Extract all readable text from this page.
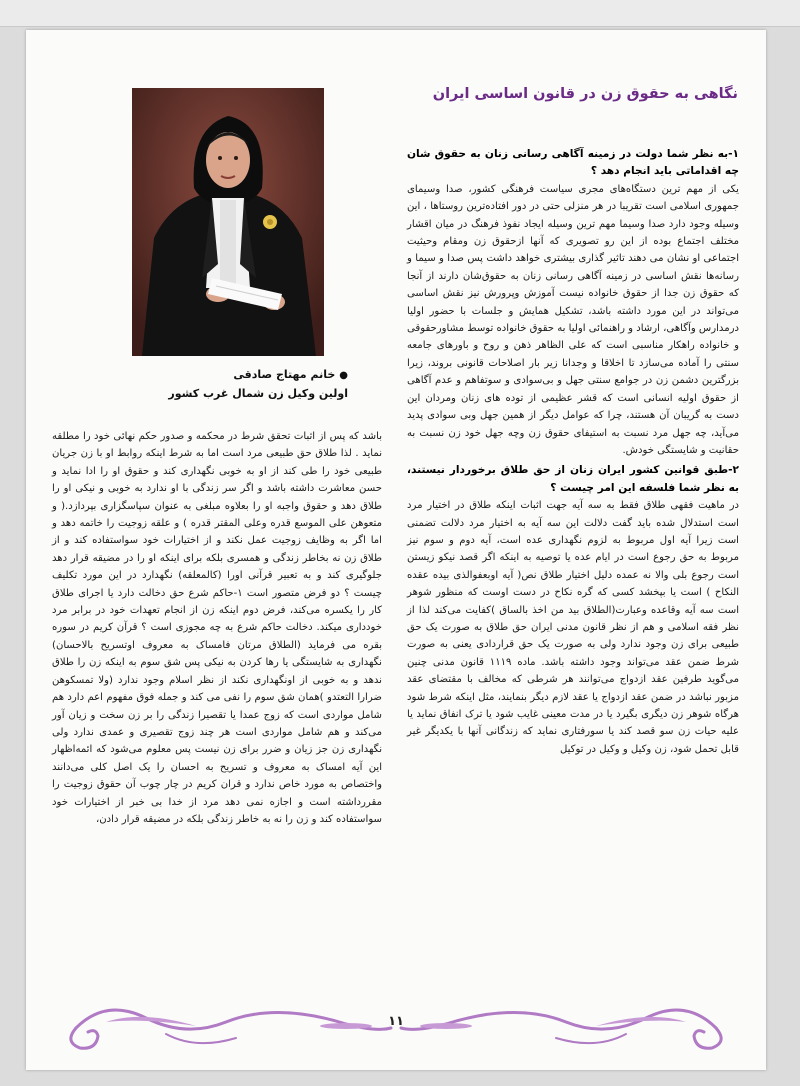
●خانم مهتاج صادقی
اولین وکیل زن شمال غرب کشور
نگاهی به حقوق زن در قانون اساسی ایران

۱-به نظر شما دولت در زمینه آگاهی رسانی زنان به حقوق شان چه اقداماتی باید انجام دهد ؟

یکی از مهم ترین دستگاه‌های مجری سیاست فرهنگی کشور، صدا وسیمای جمهوری اسلامی است تقریبا در هر منزلی حتی در دور افتاده‌ترین روستاها ، این وسیله وجود دارد صدا وسیما مهم ترین وسیله ایجاد نفوذ فرهنگ در میان اقشار مختلف اجتماع بوده از این رو تصویری که آنها ازحقوق زن ومقام وحیثیت اجتماعی او نشان می دهند تاثیر گذاری بیشتری خواهد داشت پس صدا و سیما و رسانه‌ها نقش اساسی در زمینه آگاهی رسانی زنان به حقوق‌شان دارند از آنجا که حقوق زن جدا از حقوق خانواده نیست آموزش وپرورش نیز نقش اساسی می‌تواند در این مورد داشته باشد، تشکیل همایش و جلسات با حضور اولیا درمدارس وآگاهی، ارشاد و راهنمائی اولیا به حقوق خانواده توسط مشاورحقوقی و خانواده راهکار مناسبی است که علی الظاهر ذهن و روح و باورهای جامعه سنتی را آماده می‌سازد تا اخلاقا و وجدانا زیر بار اصلاحات قانونی بروند، زیرا بزرگترین دشمن زن در جوامع سنتی جهل و بی‌سوادی و سوتفاهم و عدم آگاهی از حقوق اولیه انسانی است که قشر عظیمی از توده های زنان ومردان این دست به گریبان آن هستند، چرا که عوامل دیگر از همین جهل وبی سوادی پدید می‌آید، چه جهل مرد نسبت به استیفای حقوق زن وچه جهل خود زن نسبت به حقانیت و شایستگی خودش.

۲-طبق قوانین کشور ایران زنان از حق طلاق برخوردار نیستند، به نظر شما فلسفه این امر چیست ؟

در ماهیت فقهی طلاق فقط به سه آیه جهت اثبات اینکه طلاق در اختیار مرد است استدلال شده باید گفت دلالت این سه آیه به اختیار مرد دلالت تضمنی است زیرا آیه اول مربوط به لزوم نگهداری عده است، آیه دوم و سوم نیز مربوط به حق رجوع است در ایام عده یا توصیه به اینکه اگر قصد نیکو زیستن است رجوع بلی والا نه عمده دلیل اختیار طلاق نص( آیه اوبعفوالذی بیده عقده النکاح ) است یا بپخشد کسی که گره نکاح در دست اوست که منظور شوهر است سه آیه وقاعده وعبارت(الطلاق بید من اخذ بالساق )کفایت می‌کند لذا از نظر فقه اسلامی و هم از نظر قانون مدنی ایران حق طلاق به صورت یک حق طبیعی برای زن وجود ندارد ولی به صورت یک حق قراردادی یعنی به صورت شرط ضمن عقد می‌تواند وجود داشته باشد. ماده ۱۱۱۹ قانون مدنی چنین می‌گوید طرفین عقد ازدواج می‌توانند هر شرطی که مخالف با مقتضای عقد مزبور نباشد در ضمن عقد ازدواج یا عقد لازم دیگر بنمایند، مثل اینکه شرط شود هرگاه شوهر زن دیگری بگیرد یا در مدت معینی غایب شود یا ترک انفاق نماید یا علیه حیات زن سو قصد کند یا سورفتاری نماید که زندگانی آنها با یکدیگر غیر قابل تحمل شود، زن وکیل و وکیل در توکیل

باشد که پس از اثبات تحقق شرط در محکمه و صدور حکم نهائی خود را مطلقه نماید . لذا طلاق حق طبیعی مرد است اما به شرط اینکه روابط او با زن جریان طبیعی خود را طی کند از او به خوبی نگهداری کند و حقوق او را ادا نماید و حسن معاشرت داشته باشد و اگر سر زندگی با او ندارد به خوبی و نیکی او را طلاق دهد و حقوق واجبه او را بعلاوه مبلغی به عنوان سپاسگزاری بپردازد.( و متعوهن علی الموسع قدره وعلی المقتر قدره ) و علقه زوجیت را خاتمه دهد و اما اگر به وظایف زوجیت عمل نکند و از اختیارات خود سواستفاده کند و از طلاق زن نه بخاطر زندگی و همسری بلکه برای اینکه او را در مضیقه قرار دهد جلوگیری کند و به تعبیر قرآنی اورا (کالمعلقه) نگهدارد در این مورد تکلیف چیست ؟ دو فرض متصور است ۱-حاکم شرع حق دخالت دارد یا اجرای طلاق کار را یکسره می‌کند، فرض دوم اینکه زن از انجام تعهدات خود در برابر مرد خودداری میکند. دخالت حاکم شرع به چه مجوزی است ؟ قرآن کریم در سوره بقره می فرماید (الطلاق مرتان فامساک به معروف اوتسریح بالاحسان) نگهداری به شایستگی یا رها کردن به نیکی پس شق سوم به اینکه زن را طلاق ندهد و به خوبی از اونگهداری نکند از نظر اسلام وجود ندارد (ولا تمسکوهن ضرارا التعتدو )همان شق سوم را نفی می کند و جمله فوق مفهوم اعم دارد هم شامل مواردی است که زوج عمدا یا تقصیرا زندگی را بر زن سخت و زیان آور می‌کند و هم شامل مواردی است هر چند زوج تقصیری و عمدی ندارد ولی نگهداری زن جز زیان و ضرر برای زن نیست پس معلوم می‌شود که ائمه‌اظهار این آیه امساک به معروف و تسریح به احسان را یک اصل کلی می‌دانند واختصاص به مورد خاص ندارد و قران کریم در چار چوب آن حقوق زوجیت را مقررداشته است و اجازه نمی دهد مرد از خدا بی خبر از اختیارات خود سواستفاده کند و زن را نه به خاطر زندگی بلکه در مضیقه قرار دادن،

۱۱
